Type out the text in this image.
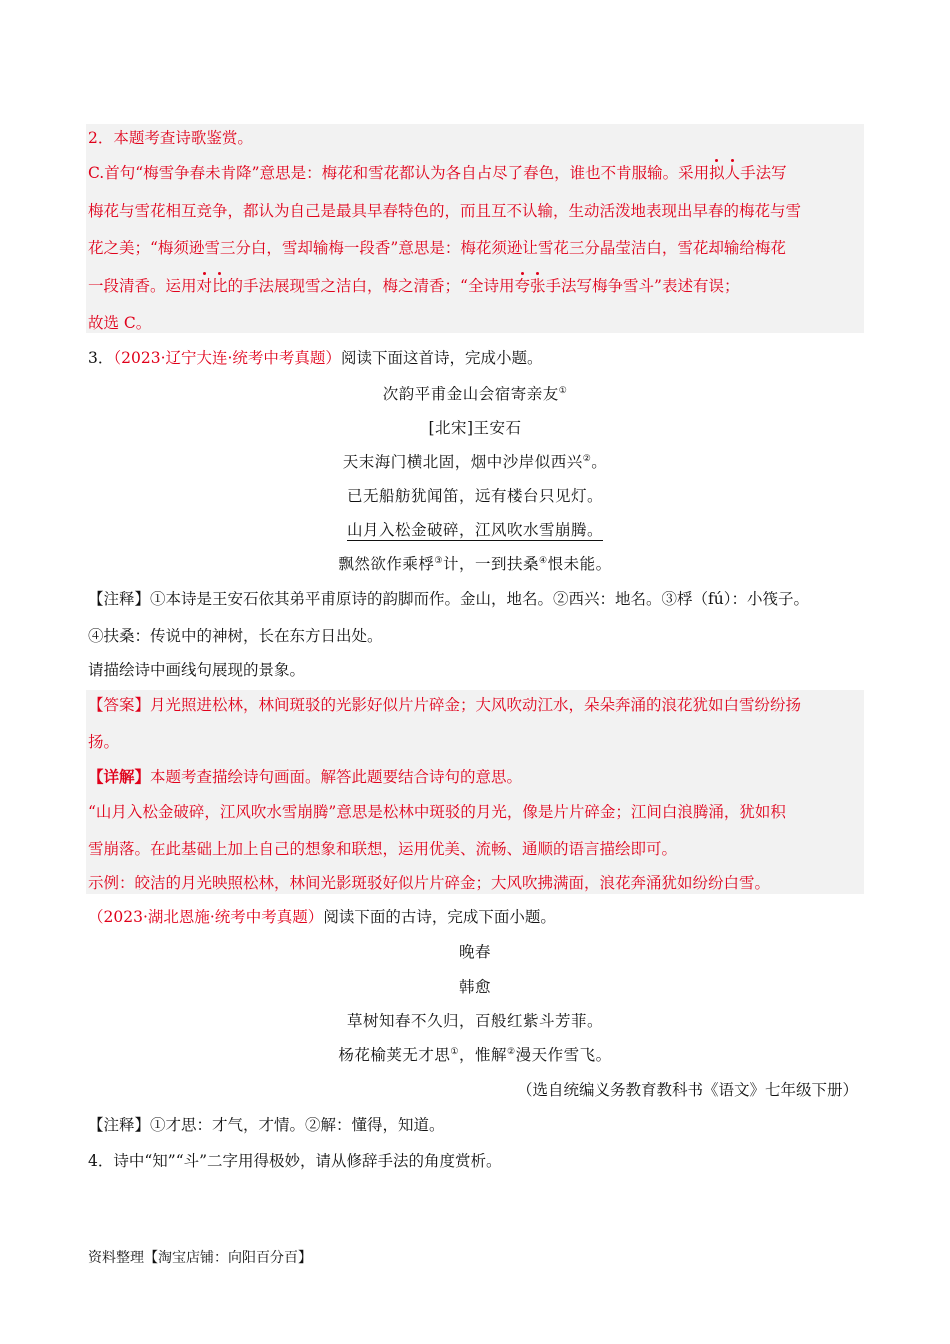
2．本题考查诗歌鉴赏。
C.首句“梅雪争春未肯降”意思是：梅花和雪花都认为各自占尽了春色，谁也不肯服输。采用拟人手法写
梅花与雪花相互竞争，都认为自己是最具早春特色的，而且互不认输，生动活泼地表现出早春的梅花与雪
花之美；“梅须逊雪三分白，雪却输梅一段香”意思是：梅花须逊让雪花三分晶莹洁白，雪花却输给梅花
一段清香。运用对比的手法展现雪之洁白，梅之清香；“全诗用夸张手法写梅争雪斗”表述有误；
故选 C。
3．（2023·辽宁大连·统考中考真题）阅读下面这首诗，完成小题。
次韵平甫金山会宿寄亲友①
[北宋]王安石
天末海门横北固，烟中沙岸似西兴②。
已无船舫犹闻笛，远有楼台只见灯。
山月入松金破碎，江风吹水雪崩腾。
飘然欲作乘桴③计，一到扶桑④恨未能。
【注释】①本诗是王安石依其弟平甫原诗的韵脚而作。金山，地名。②西兴：地名。③桴（fú）：小筏子。
④扶桑：传说中的神树，长在东方日出处。
请描绘诗中画线句展现的景象。
【答案】月光照进松林，林间斑驳的光影好似片片碎金；大风吹动江水，朵朵奔涌的浪花犹如白雪纷纷扬
扬。
【详解】本题考查描绘诗句画面。解答此题要结合诗句的意思。
“山月入松金破碎，江风吹水雪崩腾”意思是松林中斑驳的月光，像是片片碎金；江间白浪腾涌，犹如积
雪崩落。在此基础上加上自己的想象和联想，运用优美、流畅、通顺的语言描绘即可。
示例：皎洁的月光映照松林，林间光影斑驳好似片片碎金；大风吹拂满面，浪花奔涌犹如纷纷白雪。
（2023·湖北恩施·统考中考真题）阅读下面的古诗，完成下面小题。
晚春
韩愈
草树知春不久归，百般红紫斗芳菲。
杨花榆荚无才思①，惟解②漫天作雪飞。
（选自统编义务教育教科书《语文》七年级下册）
【注释】①才思：才气，才情。②解：懂得，知道。
4．诗中“知”“斗”二字用得极妙，请从修辞手法的角度赏析。
资料整理【淘宝店铺：向阳百分百】
